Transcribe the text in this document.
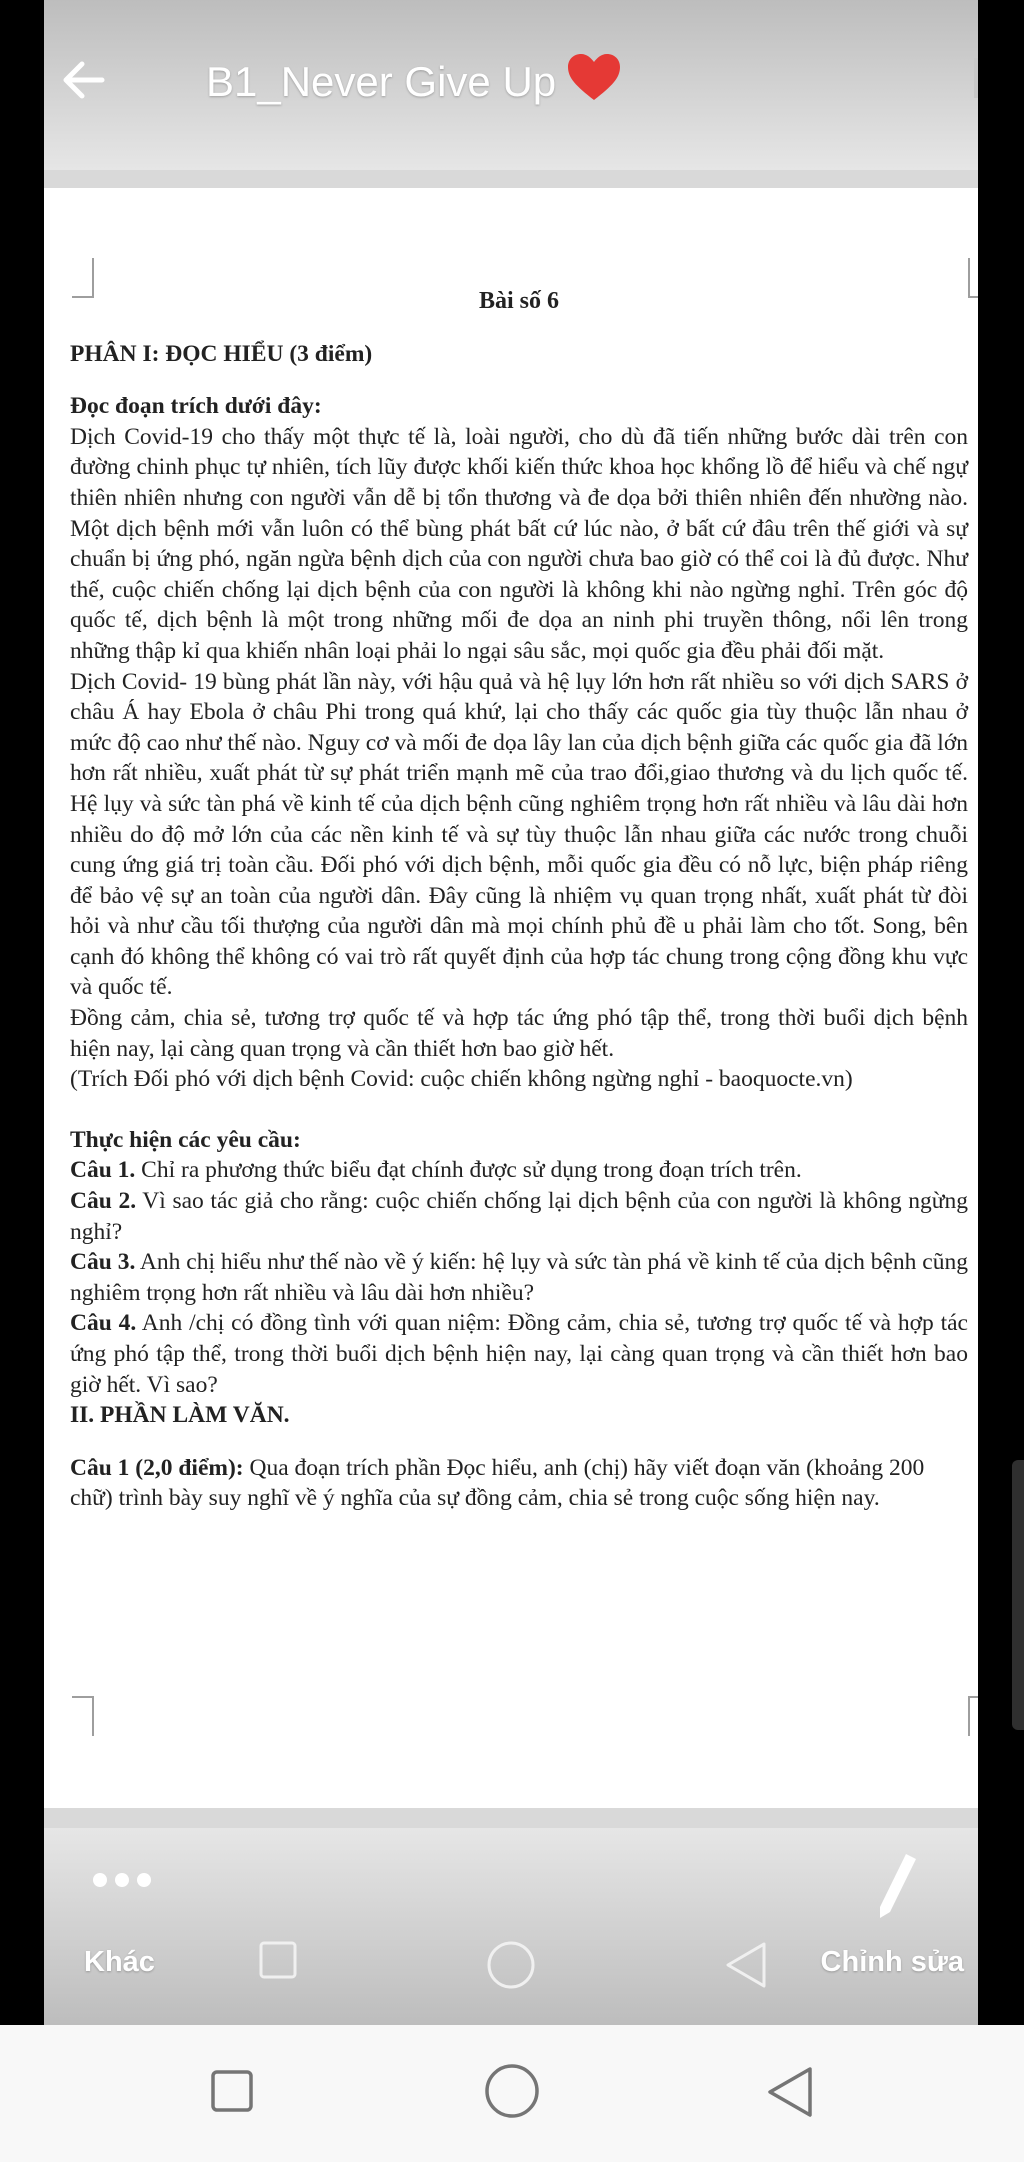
B1_Never Give Up
Bài số 6
PHÂN I: ĐỌC HIỂU (3 điểm)
Đọc đoạn trích dưới đây:
Dịch Covid-19 cho thấy một thực tế là, loài người, cho dù đã tiến những bước dài trên con đường chinh phục tự nhiên, tích lũy được khối kiến thức khoa học khổng lồ để hiểu và chế ngự thiên nhiên nhưng con người vẫn dễ bị tổn thương và đe dọa bởi thiên nhiên đến nhường nào. Một dịch bệnh mới vẫn luôn có thể bùng phát bất cứ lúc nào, ở bất cứ đâu trên thế giới và sự chuẩn bị ứng phó, ngăn ngừa bệnh dịch của con người chưa bao giờ có thể coi là đủ được. Như thế, cuộc chiến chống lại dịch bệnh của con người là không khi nào ngừng nghỉ. Trên góc độ quốc tế, dịch bệnh là một trong những mối đe dọa an ninh phi truyền thông, nổi lên trong những thập kỉ qua khiến nhân loại phải lo ngại sâu sắc, mọi quốc gia đều phải đối mặt.
Dịch Covid- 19 bùng phát lần này, với hậu quả và hệ lụy lớn hơn rất nhiều so với dịch SARS ở châu Á hay Ebola ở châu Phi trong quá khứ, lại cho thấy các quốc gia tùy thuộc lẫn nhau ở mức độ cao như thế nào. Nguy cơ và mối đe dọa lây lan của dịch bệnh giữa các quốc gia đã lớn hơn rất nhiều, xuất phát từ sự phát triển mạnh mẽ của trao đổi,giao thương và du lịch quốc tế. Hệ lụy và sức tàn phá về kinh tế của dịch bệnh cũng nghiêm trọng hơn rất nhiều và lâu dài hơn nhiều do độ mở lớn của các nền kinh tế và sự tùy thuộc lẫn nhau giữa các nước trong chuỗi cung ứng giá trị toàn cầu. Đối phó với dịch bệnh, mỗi quốc gia đều có nỗ lực, biện pháp riêng để bảo vệ sự an toàn của người dân. Đây cũng là nhiệm vụ quan trọng nhất, xuất phát từ đòi hỏi và như cầu tối thượng của người dân mà mọi chính phủ đề u phải làm cho tốt. Song, bên cạnh đó không thể không có vai trò rất quyết định của hợp tác chung trong cộng đồng khu vực và quốc tế.
Đồng cảm, chia sẻ, tương trợ quốc tế và hợp tác ứng phó tập thể, trong thời buổi dịch bệnh hiện nay, lại càng quan trọng và cần thiết hơn bao giờ hết.
(Trích Đối phó với dịch bệnh Covid: cuộc chiến không ngừng nghỉ - baoquocte.vn)
Thực hiện các yêu cầu:
Câu 1. Chỉ ra phương thức biểu đạt chính được sử dụng trong đoạn trích trên.
Câu 2. Vì sao tác giả cho rằng: cuộc chiến chống lại dịch bệnh của con người là không ngừng nghỉ?
Câu 3. Anh chị hiểu như thế nào về ý kiến: hệ lụy và sức tàn phá về kinh tế của dịch bệnh cũng nghiêm trọng hơn rất nhiều và lâu dài hơn nhiều?
Câu 4. Anh /chị có đồng tình với quan niệm: Đồng cảm, chia sẻ, tương trợ quốc tế và hợp tác ứng phó tập thể, trong thời buổi dịch bệnh hiện nay, lại càng quan trọng và cần thiết hơn bao giờ hết. Vì sao?
II. PHẦN LÀM VĂN.
Câu 1 (2,0 điểm): Qua đoạn trích phần Đọc hiểu, anh (chị) hãy viết đoạn văn (khoảng 200 chữ) trình bày suy nghĩ về ý nghĩa của sự đồng cảm, chia sẻ trong cuộc sống hiện nay.
Khác	Chỉnh sửa
